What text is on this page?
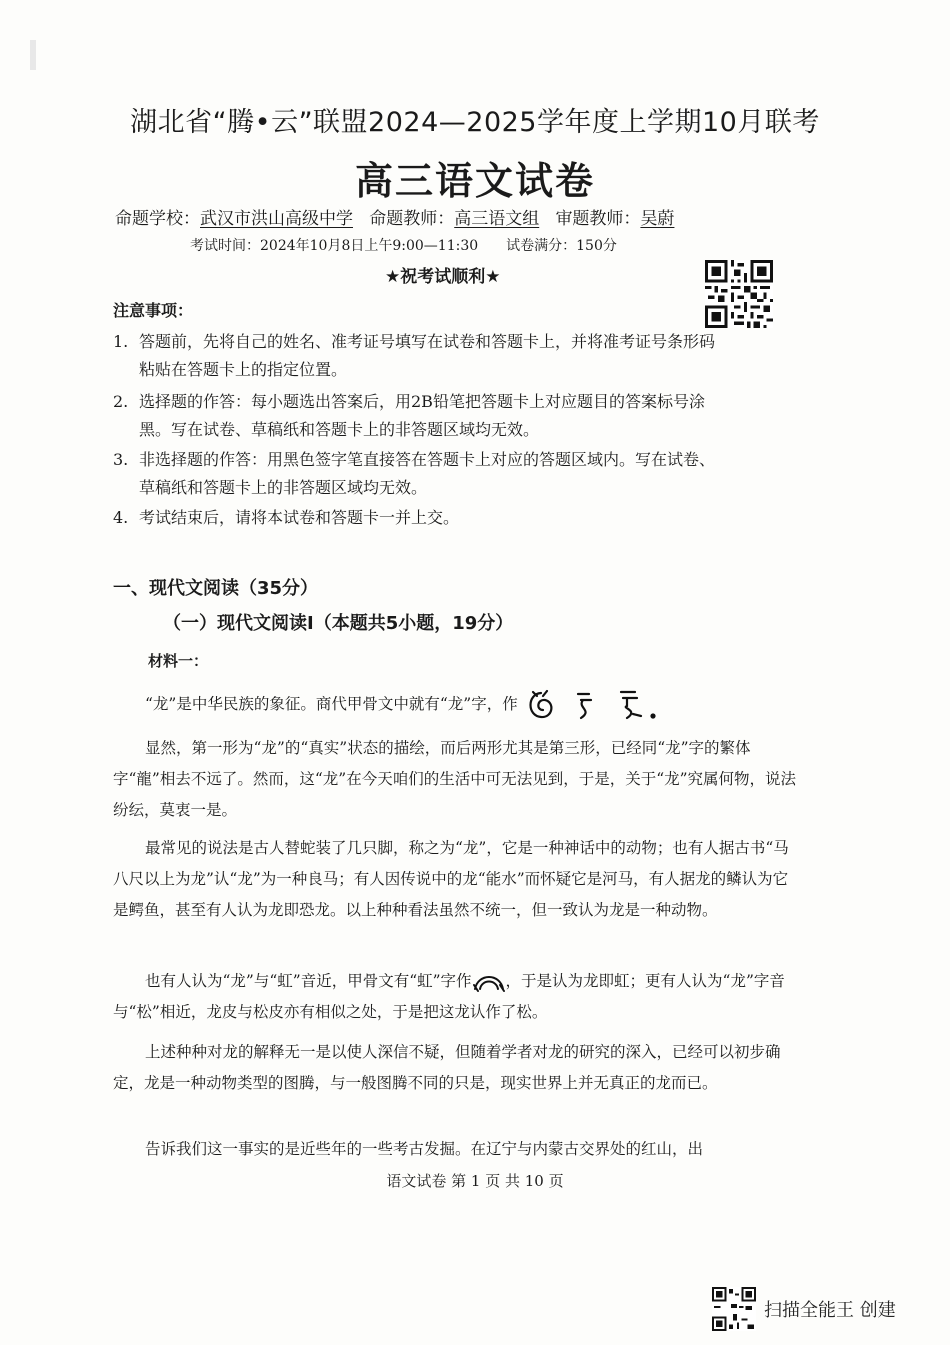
湖北省“腾•云”联盟2024—2025学年度上学期10月联考
高三语文试卷
命题学校：武汉市洪山高级中学 命题教师：高三语文组 审题教师：吴蔚
考试时间：2024年10月8日上午9:00—11:30　　试卷满分：150分
★祝考试顺利★
注意事项：
1. 答题前，先将自己的姓名、准考证号填写在试卷和答题卡上，并将准考证号条形码
粘贴在答题卡上的指定位置。
2. 选择题的作答：每小题选出答案后，用2B铅笔把答题卡上对应题目的答案标号涂
黑。写在试卷、草稿纸和答题卡上的非答题区域均无效。
3. 非选择题的作答：用黑色签字笔直接答在答题卡上对应的答题区域内。写在试卷、
草稿纸和答题卡上的非答题区域均无效。
4. 考试结束后，请将本试卷和答题卡一并上交。
一、现代文阅读（35分）
（一）现代文阅读Ⅰ（本题共5小题，19分）
材料一：
“龙”是中华民族的象征。商代甲骨文中就有“龙”字，作
显然，第一形为“龙”的“真实”状态的描绘，而后两形尤其是第三形，已经同“龙”字的繁体字“龍”相去不远了。然而，这“龙”在今天咱们的生活中可无法见到，于是，关于“龙”究属何物，说法纷纭，莫衷一是。
最常见的说法是古人替蛇装了几只脚，称之为“龙”，它是一种神话中的动物；也有人据古书“马八尺以上为龙”认“龙”为一种良马；有人因传说中的龙“能水”而怀疑它是河马，有人据龙的鳞认为它是鳄鱼，甚至有人认为龙即恐龙。以上种种看法虽然不统一，但一致认为龙是一种动物。
也有人认为“龙”与“虹”音近，甲骨文有“虹”字作 ，于是认为龙即虹；更有人认为“龙”字音与“松”相近，龙皮与松皮亦有相似之处，于是把这龙认作了松。
上述种种对龙的解释无一是以使人深信不疑，但随着学者对龙的研究的深入，已经可以初步确定，龙是一种动物类型的图腾，与一般图腾不同的只是，现实世界上并无真正的龙而已。
告诉我们这一事实的是近些年的一些考古发掘。在辽宁与内蒙古交界处的红山，出
语文试卷 第 1 页 共 10 页
扫描全能王 创建
